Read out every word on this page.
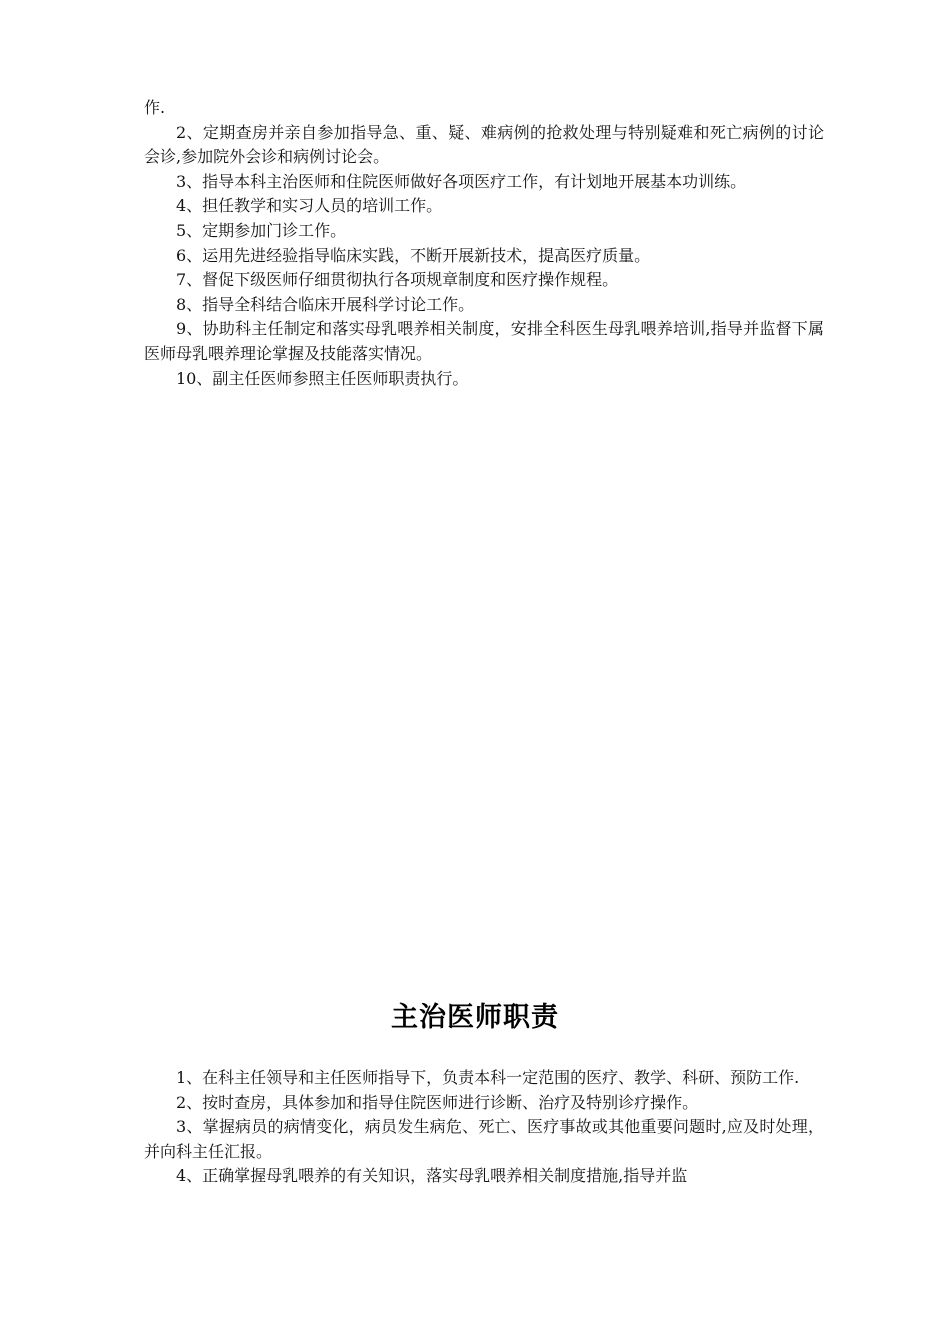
作.

2、定期查房并亲自参加指导急、重、疑、难病例的抢救处理与特别疑难和死亡病例的讨论会诊,参加院外会诊和病例讨论会。

3、指导本科主治医师和住院医师做好各项医疗工作，有计划地开展基本功训练。

4、担任教学和实习人员的培训工作。

5、定期参加门诊工作。

6、运用先进经验指导临床实践，不断开展新技术，提高医疗质量。

7、督促下级医师仔细贯彻执行各项规章制度和医疗操作规程。

8、指导全科结合临床开展科学讨论工作。

9、协助科主任制定和落实母乳喂养相关制度，安排全科医生母乳喂养培训,指导并监督下属医师母乳喂养理论掌握及技能落实情况。

10、副主任医师参照主任医师职责执行。

主治医师职责

1、在科主任领导和主任医师指导下，负责本科一定范围的医疗、教学、科研、预防工作.

2、按时查房，具体参加和指导住院医师进行诊断、治疗及特别诊疗操作。

3、掌握病员的病情变化，病员发生病危、死亡、医疗事故或其他重要问题时,应及时处理，并向科主任汇报。

4、正确掌握母乳喂养的有关知识，落实母乳喂养相关制度措施,指导并监
